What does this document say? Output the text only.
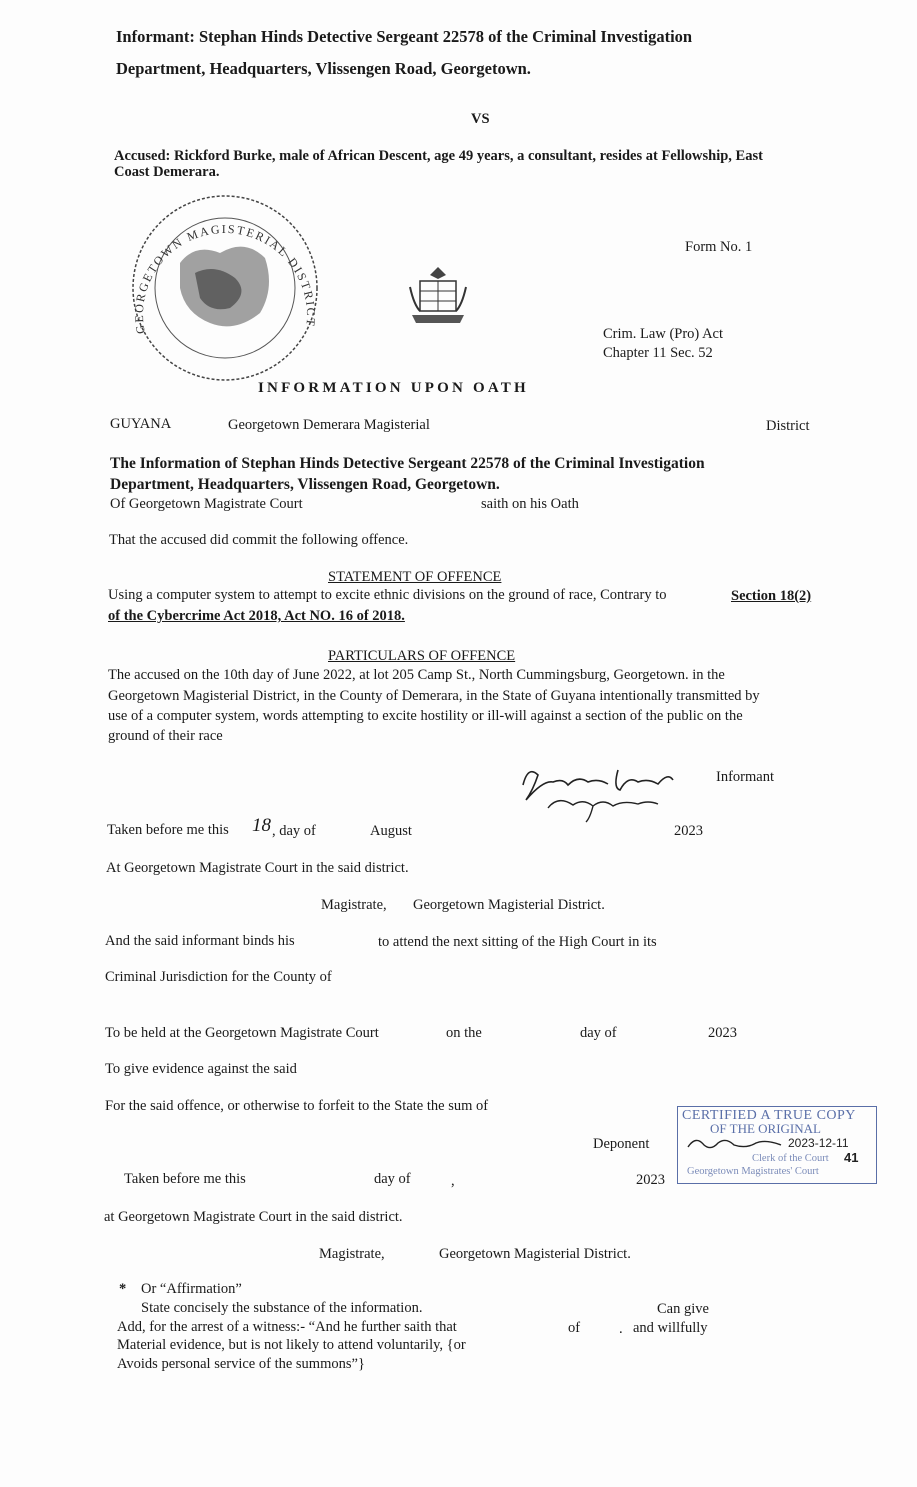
Informant: Stephan Hinds Detective Sergeant 22578 of the Criminal Investigation
Department, Headquarters, Vlissengen Road, Georgetown.
VS
Accused: Rickford Burke, male of African Descent, age 49 years, a consultant, resides at Fellowship, East
Coast Demerara.
GEORGETOWN MAGISTERIAL DISTRICT
Form No. 1
Crim. Law (Pro) Act
Chapter 11 Sec. 52
INFORMATION UPON OATH
GUYANA	Georgetown Demerara Magisterial	District
The Information of Stephan Hinds Detective Sergeant 22578 of the Criminal Investigation
Department, Headquarters, Vlissengen Road, Georgetown.
Of Georgetown Magistrate Court	saith on his Oath
That the accused did commit the following offence.
STATEMENT OF OFFENCE
Using a computer system to attempt to excite ethnic divisions on the ground of race, Contrary to	Section 18(2)
of the Cybercrime Act 2018, Act NO. 16 of 2018.
PARTICULARS OF OFFENCE
The accused on the 10th day of June 2022, at lot 205 Camp St., North Cummingsburg, Georgetown. in the
Georgetown Magisterial District, in the County of Demerara, in the State of Guyana intentionally transmitted by
use of a computer system, words attempting to excite hostility or ill-will against a section of the public on the
ground of their race
Informant
Taken before me this 18 , day of	August	2023
At Georgetown Magistrate Court in the said district.
Magistrate, Georgetown Magisterial District.
And the said informant binds his	to attend the next sitting of the High Court in its
Criminal Jurisdiction for the County of
To be held at the Georgetown Magistrate Court	on the	day of	2023
To give evidence against the said
For the said offence, or otherwise to forfeit to the State the sum of
Deponent
Taken before me this	day of	,	2023
CERTIFIED A TRUE COPY
OF THE ORIGINAL
2023-12-11
Clerk of the Court 41
Georgetown Magistrates' Court
at Georgetown Magistrate Court in the said district.
Magistrate,	Georgetown Magisterial District.
* Or “Affirmation”
State concisely the substance of the information.
Add, for the arrest of a witness:- “And he further saith that
Material evidence, but is not likely to attend voluntarily, {or
Avoids personal service of the summons”}
of	.
Can give
and willfully
